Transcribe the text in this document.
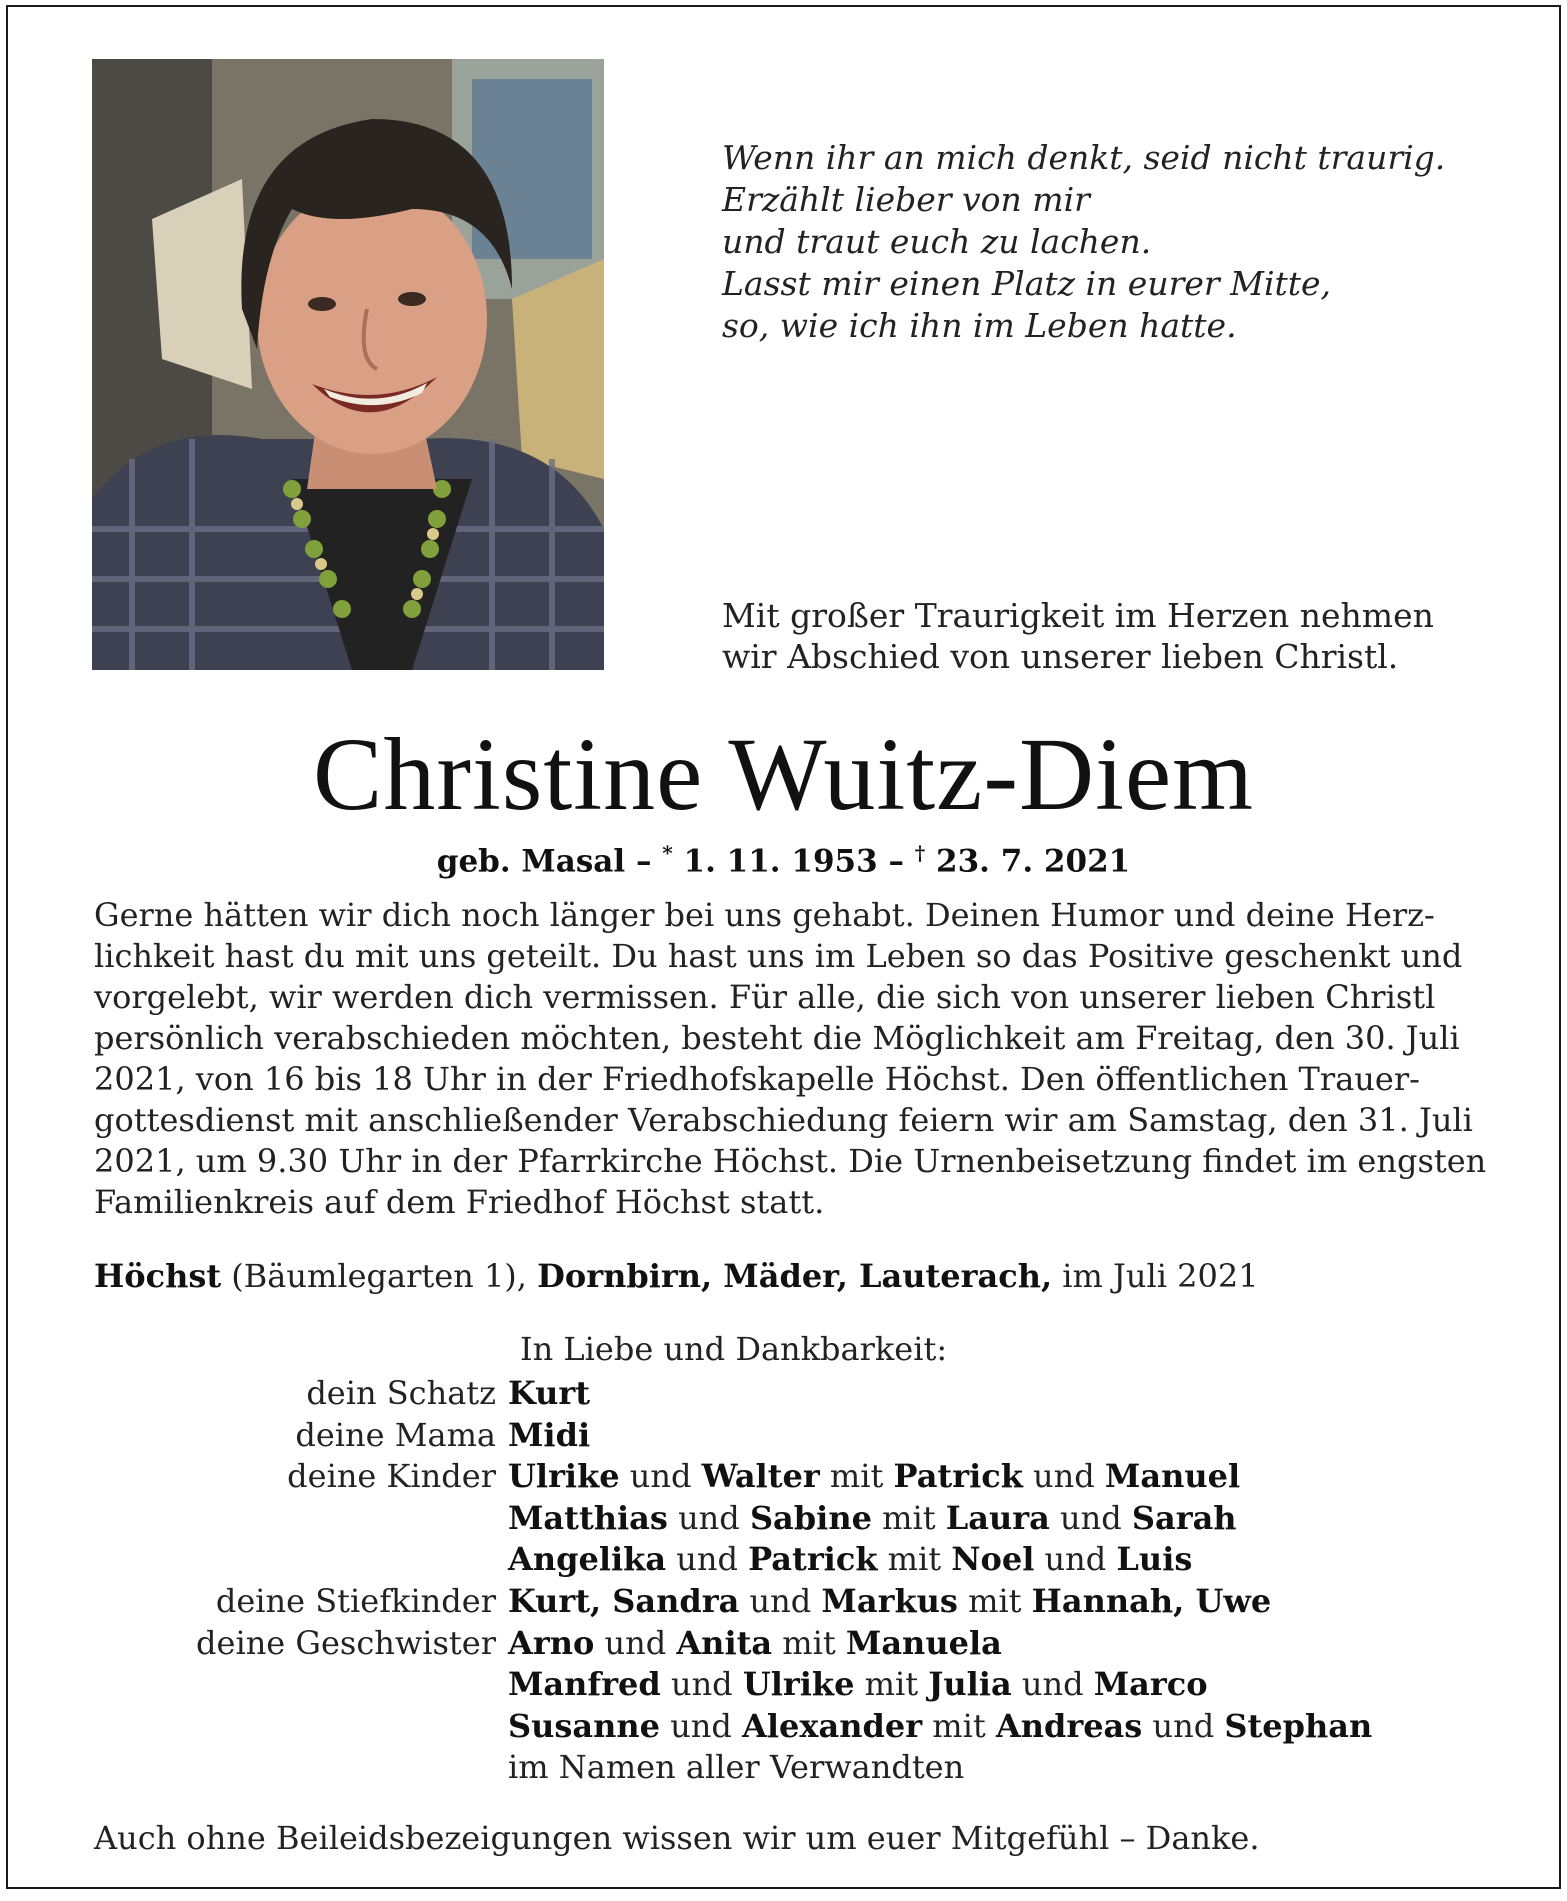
Wenn ihr an mich denkt, seid nicht traurig.
Erzählt lieber von mir
und traut euch zu lachen.
Lasst mir einen Platz in eurer Mitte,
so, wie ich ihn im Leben hatte.
Mit großer Traurigkeit im Herzen nehmen
wir Abschied von unserer lieben Christl.
Christine Wuitz-Diem
geb. Masal – * 1. 11. 1953 – † 23. 7. 2021
Gerne hätten wir dich noch länger bei uns gehabt. Deinen Humor und deine Herz-
lichkeit hast du mit uns geteilt. Du hast uns im Leben so das Positive geschenkt und
vorgelebt, wir werden dich vermissen. Für alle, die sich von unserer lieben Christl
persönlich verabschieden möchten, besteht die Möglichkeit am Freitag, den 30. Juli
2021, von 16 bis 18 Uhr in der Friedhofskapelle Höchst. Den öffentlichen Trauer-
gottesdienst mit anschließender Verabschiedung feiern wir am Samstag, den 31. Juli
2021, um 9.30 Uhr in der Pfarrkirche Höchst. Die Urnenbeisetzung findet im engsten
Familienkreis auf dem Friedhof Höchst statt.
Höchst (Bäumlegarten 1), Dornbirn, Mäder, Lauterach, im Juli 2021
In Liebe und Dankbarkeit:
dein Schatz Kurt
deine Mama Midi
deine Kinder Ulrike und Walter mit Patrick und Manuel
Matthias und Sabine mit Laura und Sarah
Angelika und Patrick mit Noel und Luis
deine Stiefkinder Kurt, Sandra und Markus mit Hannah, Uwe
deine Geschwister Arno und Anita mit Manuela
Manfred und Ulrike mit Julia und Marco
Susanne und Alexander mit Andreas und Stephan
im Namen aller Verwandten
Auch ohne Beileidsbezeigungen wissen wir um euer Mitgefühl – Danke.
